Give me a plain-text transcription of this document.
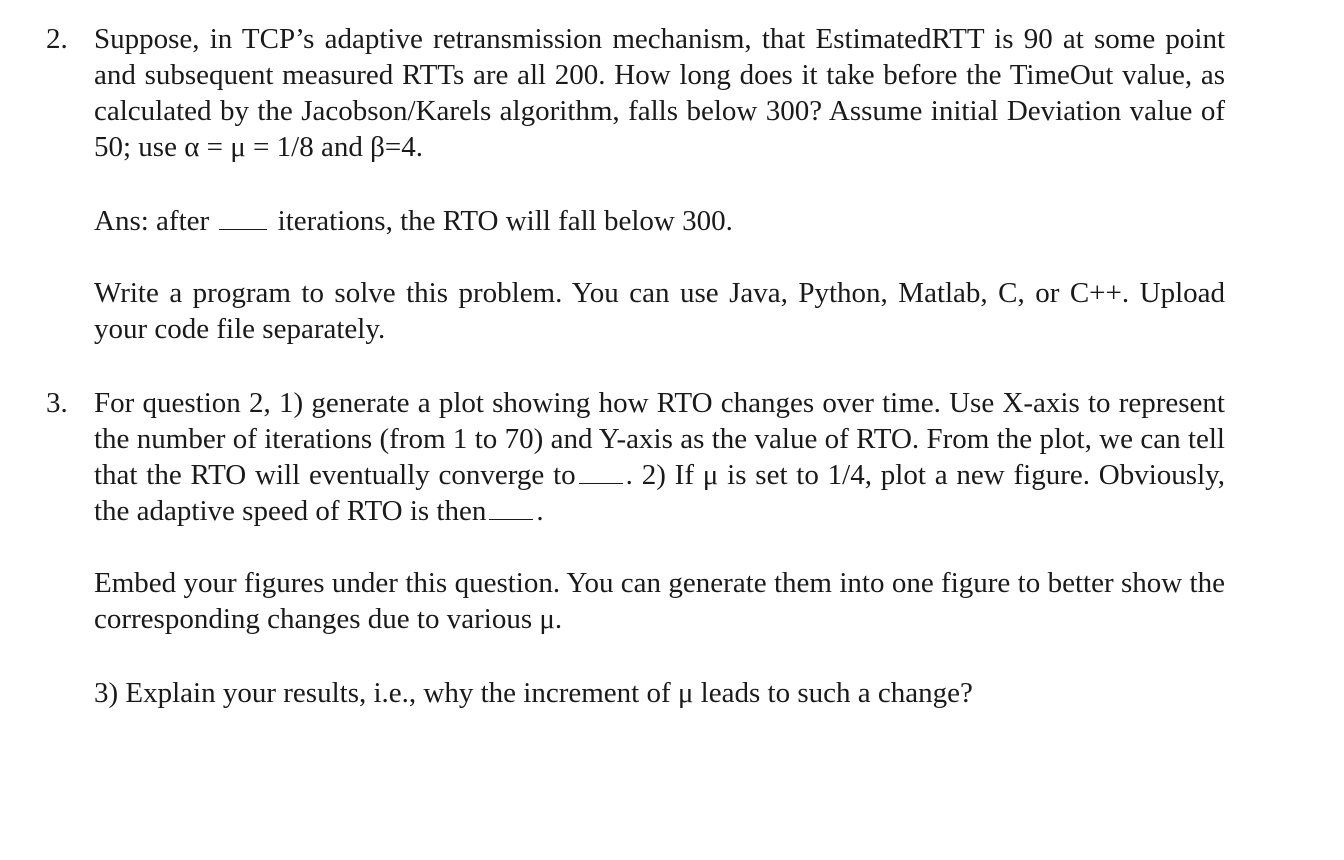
2. Suppose, in TCP’s adaptive retransmission mechanism, that EstimatedRTT is 90 at some point and subsequent measured RTTs are all 200. How long does it take before the TimeOut value, as calculated by the Jacobson/Karels algorithm, falls below 300? Assume initial Deviation value of 50; use α = μ = 1/8 and β=4.
Ans: after iterations, the RTO will fall below 300.
Write a program to solve this problem. You can use Java, Python, Matlab, C, or C++. Upload your code file separately.
3. For question 2, 1) generate a plot showing how RTO changes over time. Use X-axis to represent the number of iterations (from 1 to 70) and Y-axis as the value of RTO. From the plot, we can tell that the RTO will eventually converge to . 2) If μ is set to 1/4, plot a new figure. Obviously, the adaptive speed of RTO is then .
Embed your figures under this question. You can generate them into one figure to better show the corresponding changes due to various μ.
3) Explain your results, i.e., why the increment of μ leads to such a change?
